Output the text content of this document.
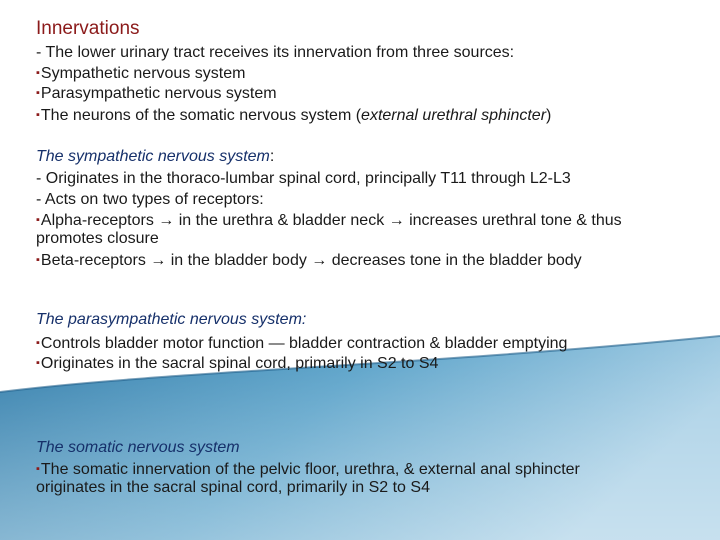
Innervations
- The lower urinary tract receives its innervation from three sources:
▪Sympathetic nervous system
▪Parasympathetic nervous system
▪The neurons of the somatic nervous system (external urethral sphincter)
The sympathetic nervous system:
- Originates in the thoraco-lumbar spinal cord, principally T11 through L2-L3
- Acts on two types of receptors:
▪Alpha-receptors → in the urethra & bladder neck → increases urethral tone & thus promotes closure
▪Beta-receptors → in the bladder body → decreases tone in the bladder body
The parasympathetic nervous system:
▪Controls bladder motor function — bladder contraction & bladder emptying
▪Originates in the sacral spinal cord, primarily in S2 to S4
The somatic nervous system
▪The somatic innervation of the pelvic floor, urethra, & external anal sphincter originates in the sacral spinal cord, primarily in S2 to S4
